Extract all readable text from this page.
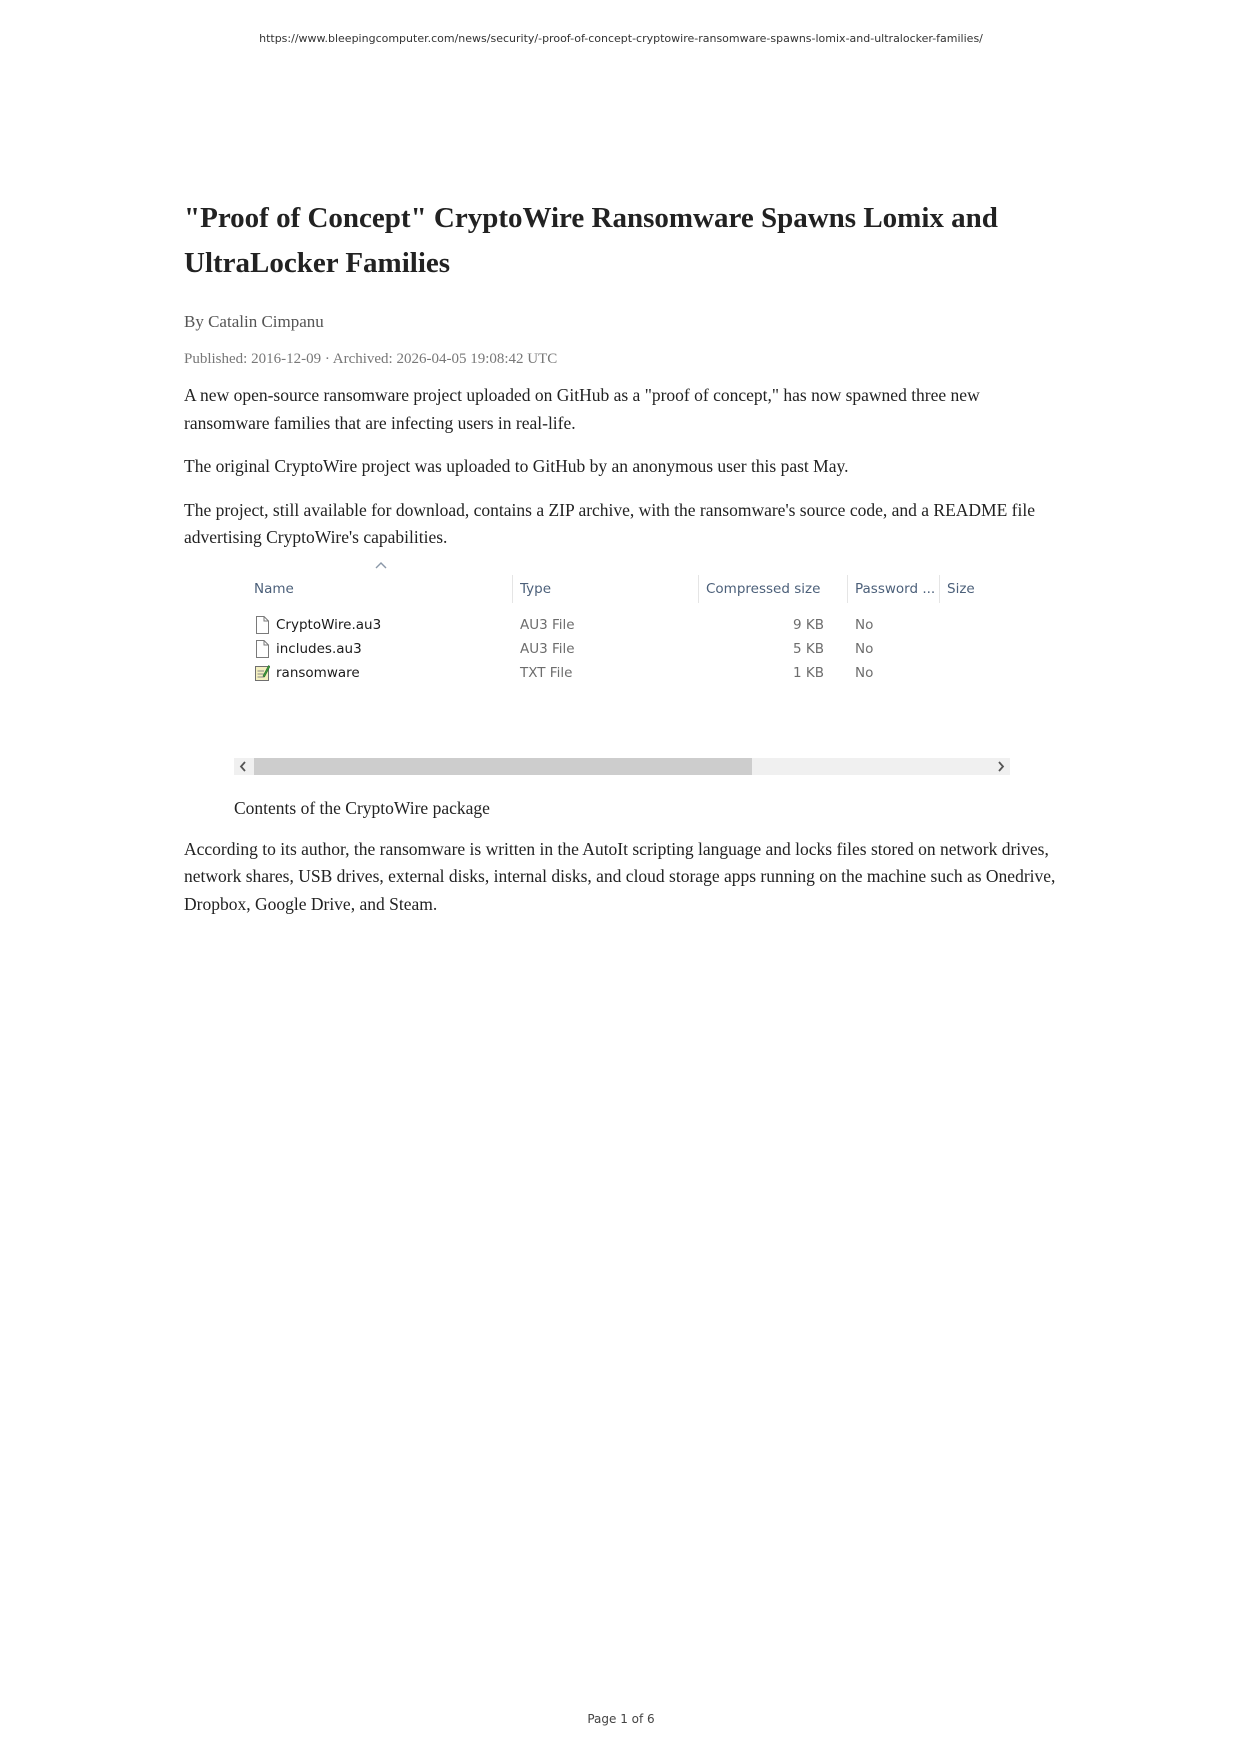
https://www.bleepingcomputer.com/news/security/-proof-of-concept-cryptowire-ransomware-spawns-lomix-and-ultralocker-families/
"Proof of Concept" CryptoWire Ransomware Spawns Lomix and UltraLocker Families
By Catalin Cimpanu
Published: 2016-12-09 · Archived: 2026-04-05 19:08:42 UTC

A new open-source ransomware project uploaded on GitHub as a "proof of concept," has now spawned three new ransomware families that are infecting users in real-life.

The original CryptoWire project was uploaded to GitHub by an anonymous user this past May.

The project, still available for download, contains a ZIP archive, with the ransomware's source code, and a README file advertising CryptoWire's capabilities.

Name	Type	Compressed size	Password ... Size
CryptoWire.au3	AU3 File	9 KB No
includes.au3	AU3 File	5 KB No
ransomware	TXT File	1 KB No
Contents of the CryptoWire package

According to its author, the ransomware is written in the AutoIt scripting language and locks files stored on network drives, network shares, USB drives, external disks, internal disks, and cloud storage apps running on the machine such as Onedrive, Dropbox, Google Drive, and Steam.

Page 1 of 6
